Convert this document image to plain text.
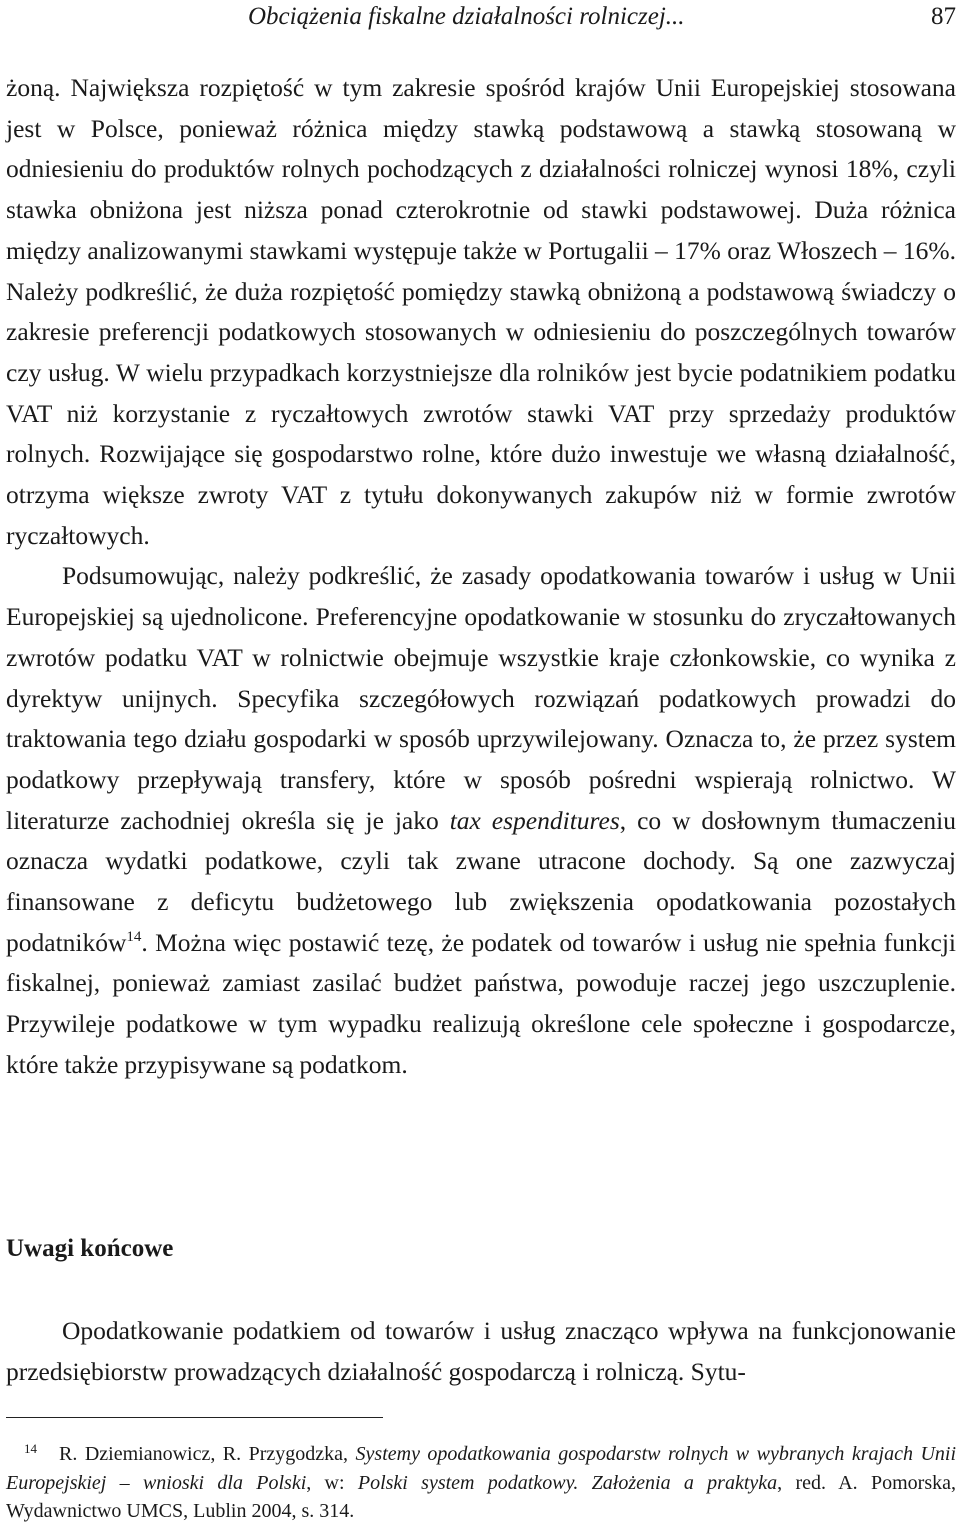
Obciążenia fiskalne działalności rolniczej...	87

żoną. Największa rozpiętość w tym zakresie spośród krajów Unii Europejskiej stosowana jest w Polsce, ponieważ różnica między stawką podstawową a stawką stosowaną w odniesieniu do produktów rolnych pochodzących z działalności rolniczej wynosi 18%, czyli stawka obniżona jest niższa ponad czterokrotnie od stawki podstawowej. Duża różnica między analizowanymi stawkami występuje także w Portugalii – 17% oraz Włoszech – 16%. Należy podkreślić, że duża rozpiętość pomiędzy stawką obniżoną a podstawową świadczy o zakresie preferencji podatkowych stosowanych w odniesieniu do poszczególnych towarów czy usług. W wielu przypadkach korzystniejsze dla rolników jest bycie podatnikiem podatku VAT niż korzystanie z ryczałtowych zwrotów stawki VAT przy sprzedaży produktów rolnych. Rozwijające się gospodarstwo rolne, które dużo inwestuje we własną działalność, otrzyma większe zwroty VAT z tytułu dokonywanych zakupów niż w formie zwrotów ryczałtowych.

Podsumowując, należy podkreślić, że zasady opodatkowania towarów i usług w Unii Europejskiej są ujednolicone. Preferencyjne opodatkowanie w stosunku do zryczałtowanych zwrotów podatku VAT w rolnictwie obejmuje wszystkie kraje członkowskie, co wynika z dyrektyw unijnych. Specyfika szczegółowych rozwiązań podatkowych prowadzi do traktowania tego działu gospodarki w sposób uprzywilejowany. Oznacza to, że przez system podatkowy przepływają transfery, które w sposób pośredni wspierają rolnictwo. W literaturze zachodniej określa się je jako tax espenditures, co w dosłownym tłumaczeniu oznacza wydatki podatkowe, czyli tak zwane utracone dochody. Są one zazwyczaj finansowane z deficytu budżetowego lub zwiększenia opodatkowania pozostałych podatników$^{14}$. Można więc postawić tezę, że podatek od towarów i usług nie spełnia funkcji fiskalnej, ponieważ zamiast zasilać budżet państwa, powoduje raczej jego uszczuplenie. Przywileje podatkowe w tym wypadku realizują określone cele społeczne i gospodarcze, które także przypisywane są podatkom.

Uwagi końcowe

Opodatkowanie podatkiem od towarów i usług znacząco wpływa na funkcjonowanie przedsiębiorstw prowadzących działalność gospodarczą i rolniczą. Sytu-

$^{14}$ R. Dziemianowicz, R. Przygodzka, Systemy opodatkowania gospodarstw rolnych w wybranych krajach Unii Europejskiej – wnioski dla Polski, w: Polski system podatkowy. Założenia a praktyka, red. A. Pomorska, Wydawnictwo UMCS, Lublin 2004, s. 314.
